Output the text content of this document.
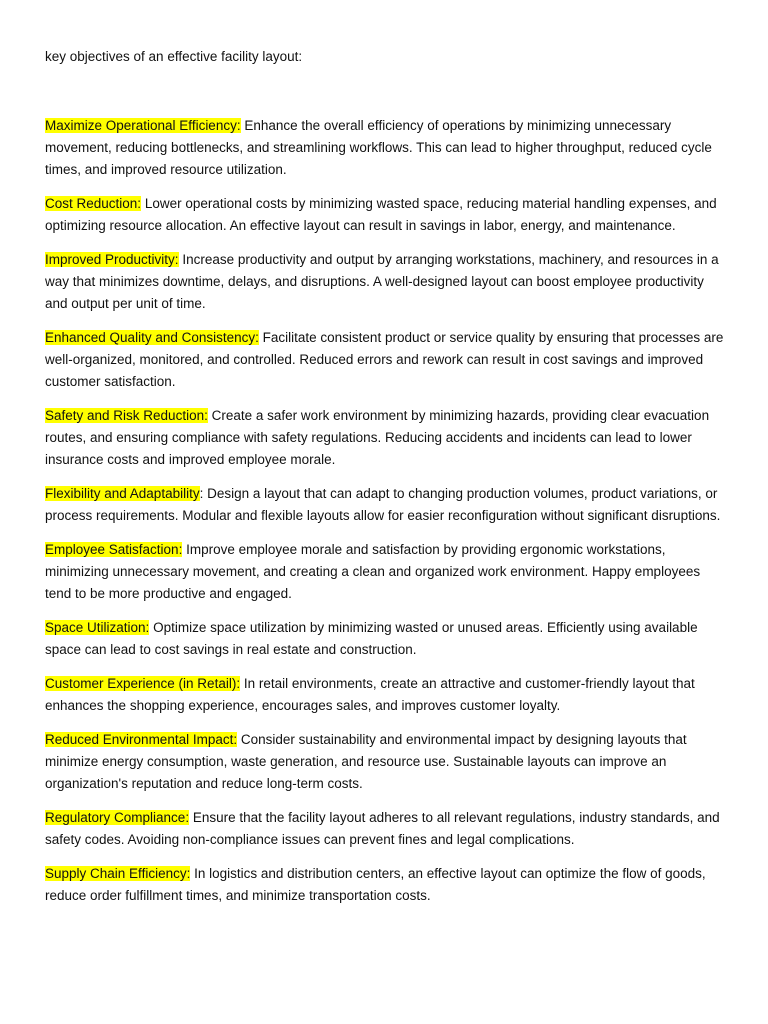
key objectives of an effective facility layout:

Maximize Operational Efficiency: Enhance the overall efficiency of operations by minimizing unnecessary movement, reducing bottlenecks, and streamlining workflows. This can lead to higher throughput, reduced cycle times, and improved resource utilization.

Cost Reduction: Lower operational costs by minimizing wasted space, reducing material handling expenses, and optimizing resource allocation. An effective layout can result in savings in labor, energy, and maintenance.

Improved Productivity: Increase productivity and output by arranging workstations, machinery, and resources in a way that minimizes downtime, delays, and disruptions. A well-designed layout can boost employee productivity and output per unit of time.

Enhanced Quality and Consistency: Facilitate consistent product or service quality by ensuring that processes are well-organized, monitored, and controlled. Reduced errors and rework can result in cost savings and improved customer satisfaction.

Safety and Risk Reduction: Create a safer work environment by minimizing hazards, providing clear evacuation routes, and ensuring compliance with safety regulations. Reducing accidents and incidents can lead to lower insurance costs and improved employee morale.

Flexibility and Adaptability: Design a layout that can adapt to changing production volumes, product variations, or process requirements. Modular and flexible layouts allow for easier reconfiguration without significant disruptions.

Employee Satisfaction: Improve employee morale and satisfaction by providing ergonomic workstations, minimizing unnecessary movement, and creating a clean and organized work environment. Happy employees tend to be more productive and engaged.

Space Utilization: Optimize space utilization by minimizing wasted or unused areas. Efficiently using available space can lead to cost savings in real estate and construction.

Customer Experience (in Retail): In retail environments, create an attractive and customer-friendly layout that enhances the shopping experience, encourages sales, and improves customer loyalty.

Reduced Environmental Impact: Consider sustainability and environmental impact by designing layouts that minimize energy consumption, waste generation, and resource use. Sustainable layouts can improve an organization's reputation and reduce long-term costs.

Regulatory Compliance: Ensure that the facility layout adheres to all relevant regulations, industry standards, and safety codes. Avoiding non-compliance issues can prevent fines and legal complications.

Supply Chain Efficiency: In logistics and distribution centers, an effective layout can optimize the flow of goods, reduce order fulfillment times, and minimize transportation costs.
